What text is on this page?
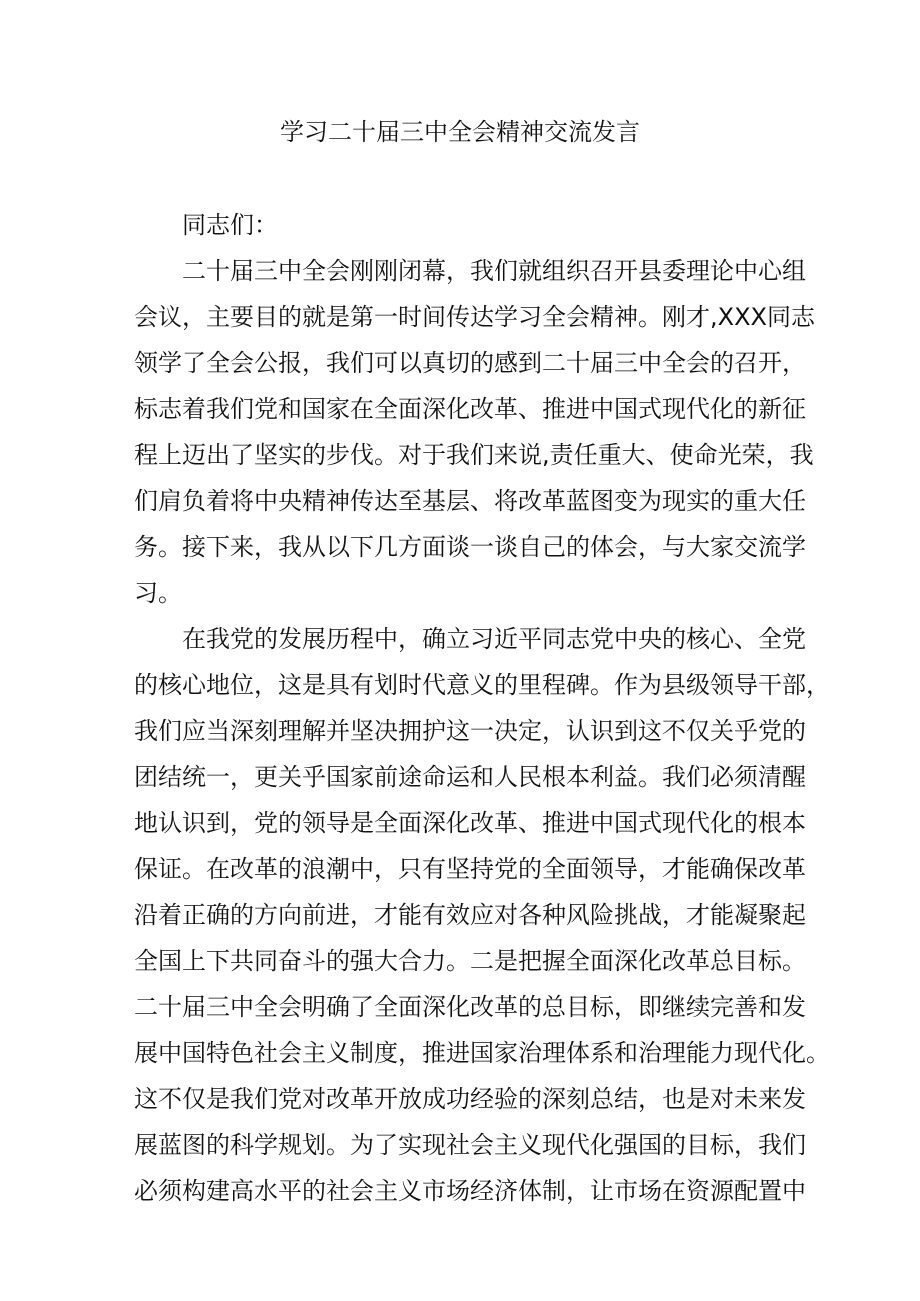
学习二十届三中全会精神交流发言
同志们：
二十届三中全会刚刚闭幕，我们就组织召开县委理论中心组
会议，主要目的就是第一时间传达学习全会精神。刚才,XXX同志
领学了全会公报，我们可以真切的感到二十届三中全会的召开，
标志着我们党和国家在全面深化改革、推进中国式现代化的新征
程上迈出了坚实的步伐。对于我们来说,责任重大、使命光荣，我
们肩负着将中央精神传达至基层、将改革蓝图变为现实的重大任
务。接下来，我从以下几方面谈一谈自己的体会，与大家交流学
习。
在我党的发展历程中，确立习近平同志党中央的核心、全党
的核心地位，这是具有划时代意义的里程碑。作为县级领导干部，
我们应当深刻理解并坚决拥护这一决定，认识到这不仅关乎党的
团结统一，更关乎国家前途命运和人民根本利益。我们必须清醒
地认识到，党的领导是全面深化改革、推进中国式现代化的根本
保证。在改革的浪潮中，只有坚持党的全面领导，才能确保改革
沿着正确的方向前进，才能有效应对各种风险挑战，才能凝聚起
全国上下共同奋斗的强大合力。二是把握全面深化改革总目标。
二十届三中全会明确了全面深化改革的总目标，即继续完善和发
展中国特色社会主义制度，推进国家治理体系和治理能力现代化。
这不仅是我们党对改革开放成功经验的深刻总结，也是对未来发
展蓝图的科学规划。为了实现社会主义现代化强国的目标，我们
必须构建高水平的社会主义市场经济体制，让市场在资源配置中
